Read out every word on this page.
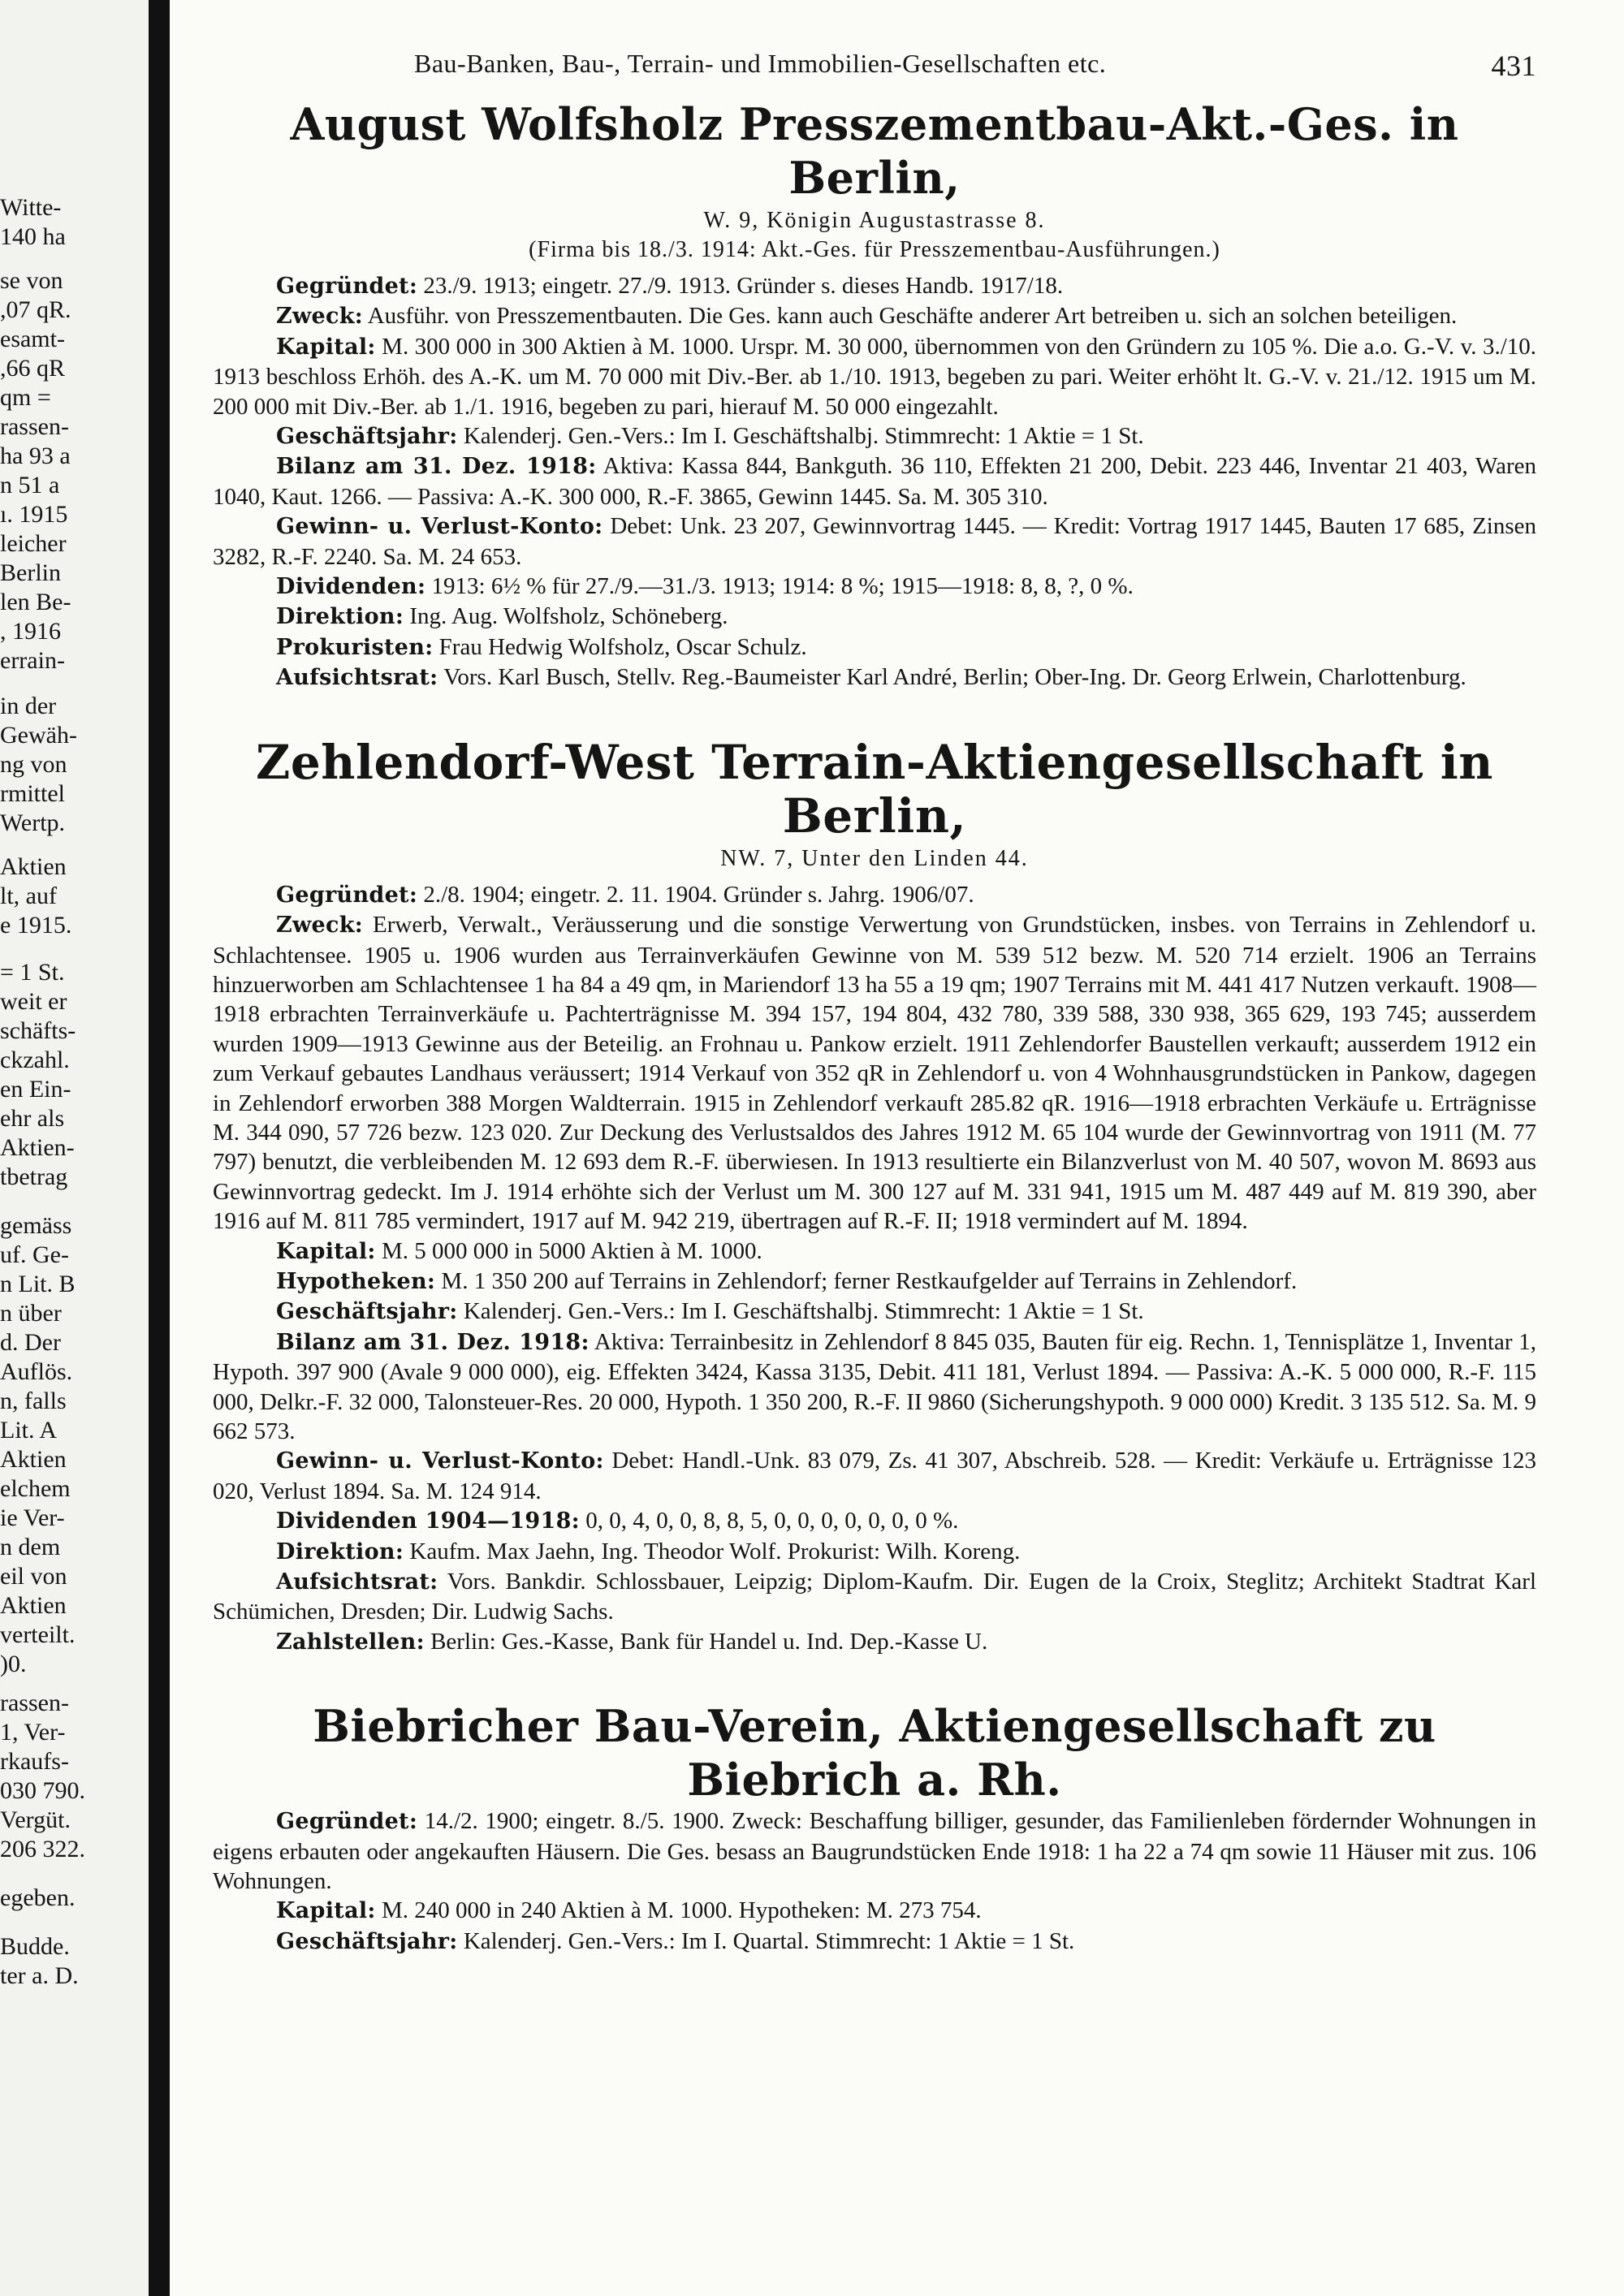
Witte-
140 ha
se von
,07 qR.
esamt-
,66 qR
qm =
rassen-
ha 93 a
n 51 a
ı. 1915
leicher
Berlin
len Be-
, 1916
errain-
in der
Gewäh-
ng von
rmittel
Wertp.
Aktien
lt, auf
e 1915.
= 1 St.
weit er
schäfts-
ckzahl.
en Ein-
ehr als
Aktien-
tbetrag
gemäss
uf. Ge-
n Lit. B
n über
d. Der
Auflös.
n, falls
Lit. A
Aktien
elchem
ie Ver-
n dem
eil von
Aktien
verteilt.
)0.
rassen-
1, Ver-
rkaufs-
030 790.
Vergüt.
206 322.
egeben.
Budde.
ter a. D.
Bau-Banken, Bau-, Terrain- und Immobilien-Gesellschaften etc.	431
August Wolfsholz Presszementbau-Akt.-Ges. in Berlin,

W. 9, Königin Augustastrasse 8.

(Firma bis 18./3. 1914: Akt.-Ges. für Presszementbau-Ausführungen.)

Gegründet: 23./9. 1913; eingetr. 27./9. 1913. Gründer s. dieses Handb. 1917/18.

Zweck: Ausführ. von Presszementbauten. Die Ges. kann auch Geschäfte anderer Art betreiben u. sich an solchen beteiligen.

Kapital: M. 300 000 in 300 Aktien à M. 1000. Urspr. M. 30 000, übernommen von den Gründern zu 105 %. Die a.o. G.-V. v. 3./10. 1913 beschloss Erhöh. des A.-K. um M. 70 000 mit Div.-Ber. ab 1./10. 1913, begeben zu pari. Weiter erhöht lt. G.-V. v. 21./12. 1915 um M. 200 000 mit Div.-Ber. ab 1./1. 1916, begeben zu pari, hierauf M. 50 000 eingezahlt.

Geschäftsjahr: Kalenderj. Gen.-Vers.: Im I. Geschäftshalbj. Stimmrecht: 1 Aktie = 1 St.

Bilanz am 31. Dez. 1918: Aktiva: Kassa 844, Bankguth. 36 110, Effekten 21 200, Debit. 223 446, Inventar 21 403, Waren 1040, Kaut. 1266. — Passiva: A.-K. 300 000, R.-F. 3865, Gewinn 1445. Sa. M. 305 310.

Gewinn- u. Verlust-Konto: Debet: Unk. 23 207, Gewinnvortrag 1445. — Kredit: Vortrag 1917 1445, Bauten 17 685, Zinsen 3282, R.-F. 2240. Sa. M. 24 653.

Dividenden: 1913: 6½ % für 27./9.—31./3. 1913; 1914: 8 %; 1915—1918: 8, 8, ?, 0 %.

Direktion: Ing. Aug. Wolfsholz, Schöneberg.

Prokuristen: Frau Hedwig Wolfsholz, Oscar Schulz.

Aufsichtsrat: Vors. Karl Busch, Stellv. Reg.-Baumeister Karl André, Berlin; Ober-Ing. Dr. Georg Erlwein, Charlottenburg.

Zehlendorf-West Terrain-Aktiengesellschaft in Berlin,

NW. 7, Unter den Linden 44.

Gegründet: 2./8. 1904; eingetr. 2. 11. 1904. Gründer s. Jahrg. 1906/07.

Zweck: Erwerb, Verwalt., Veräusserung und die sonstige Verwertung von Grundstücken, insbes. von Terrains in Zehlendorf u. Schlachtensee. 1905 u. 1906 wurden aus Terrainverkäufen Gewinne von M. 539 512 bezw. M. 520 714 erzielt. 1906 an Terrains hinzuerworben am Schlachtensee 1 ha 84 a 49 qm, in Mariendorf 13 ha 55 a 19 qm; 1907 Terrains mit M. 441 417 Nutzen verkauft. 1908—1918 erbrachten Terrainverkäufe u. Pachterträgnisse M. 394 157, 194 804, 432 780, 339 588, 330 938, 365 629, 193 745; ausserdem wurden 1909—1913 Gewinne aus der Beteilig. an Frohnau u. Pankow erzielt. 1911 Zehlendorfer Baustellen verkauft; ausserdem 1912 ein zum Verkauf gebautes Landhaus veräussert; 1914 Verkauf von 352 qR in Zehlendorf u. von 4 Wohnhausgrundstücken in Pankow, dagegen in Zehlendorf erworben 388 Morgen Waldterrain. 1915 in Zehlendorf verkauft 285.82 qR. 1916—1918 erbrachten Verkäufe u. Erträgnisse M. 344 090, 57 726 bezw. 123 020. Zur Deckung des Verlustsaldos des Jahres 1912 M. 65 104 wurde der Gewinnvortrag von 1911 (M. 77 797) benutzt, die verbleibenden M. 12 693 dem R.-F. überwiesen. In 1913 resultierte ein Bilanzverlust von M. 40 507, wovon M. 8693 aus Gewinnvortrag gedeckt. Im J. 1914 erhöhte sich der Verlust um M. 300 127 auf M. 331 941, 1915 um M. 487 449 auf M. 819 390, aber 1916 auf M. 811 785 vermindert, 1917 auf M. 942 219, übertragen auf R.-F. II; 1918 vermindert auf M. 1894.

Kapital: M. 5 000 000 in 5000 Aktien à M. 1000.

Hypotheken: M. 1 350 200 auf Terrains in Zehlendorf; ferner Restkaufgelder auf Terrains in Zehlendorf.

Geschäftsjahr: Kalenderj. Gen.-Vers.: Im I. Geschäftshalbj. Stimmrecht: 1 Aktie = 1 St.

Bilanz am 31. Dez. 1918: Aktiva: Terrainbesitz in Zehlendorf 8 845 035, Bauten für eig. Rechn. 1, Tennisplätze 1, Inventar 1, Hypoth. 397 900 (Avale 9 000 000), eig. Effekten 3424, Kassa 3135, Debit. 411 181, Verlust 1894. — Passiva: A.-K. 5 000 000, R.-F. 115 000, Delkr.-F. 32 000, Talonsteuer-Res. 20 000, Hypoth. 1 350 200, R.-F. II 9860 (Sicherungshypoth. 9 000 000) Kredit. 3 135 512. Sa. M. 9 662 573.

Gewinn- u. Verlust-Konto: Debet: Handl.-Unk. 83 079, Zs. 41 307, Abschreib. 528. — Kredit: Verkäufe u. Erträgnisse 123 020, Verlust 1894. Sa. M. 124 914.

Dividenden 1904—1918: 0, 0, 4, 0, 0, 8, 8, 5, 0, 0, 0, 0, 0, 0, 0 %.

Direktion: Kaufm. Max Jaehn, Ing. Theodor Wolf. Prokurist: Wilh. Koreng.

Aufsichtsrat: Vors. Bankdir. Schlossbauer, Leipzig; Diplom-Kaufm. Dir. Eugen de la Croix, Steglitz; Architekt Stadtrat Karl Schümichen, Dresden; Dir. Ludwig Sachs.

Zahlstellen: Berlin: Ges.-Kasse, Bank für Handel u. Ind. Dep.-Kasse U.

Biebricher Bau-Verein, Aktiengesellschaft zu Biebrich a. Rh.

Gegründet: 14./2. 1900; eingetr. 8./5. 1900. Zweck: Beschaffung billiger, gesunder, das Familienleben fördernder Wohnungen in eigens erbauten oder angekauften Häusern. Die Ges. besass an Baugrundstücken Ende 1918: 1 ha 22 a 74 qm sowie 11 Häuser mit zus. 106 Wohnungen.

Kapital: M. 240 000 in 240 Aktien à M. 1000. Hypotheken: M. 273 754.

Geschäftsjahr: Kalenderj. Gen.-Vers.: Im I. Quartal. Stimmrecht: 1 Aktie = 1 St.
